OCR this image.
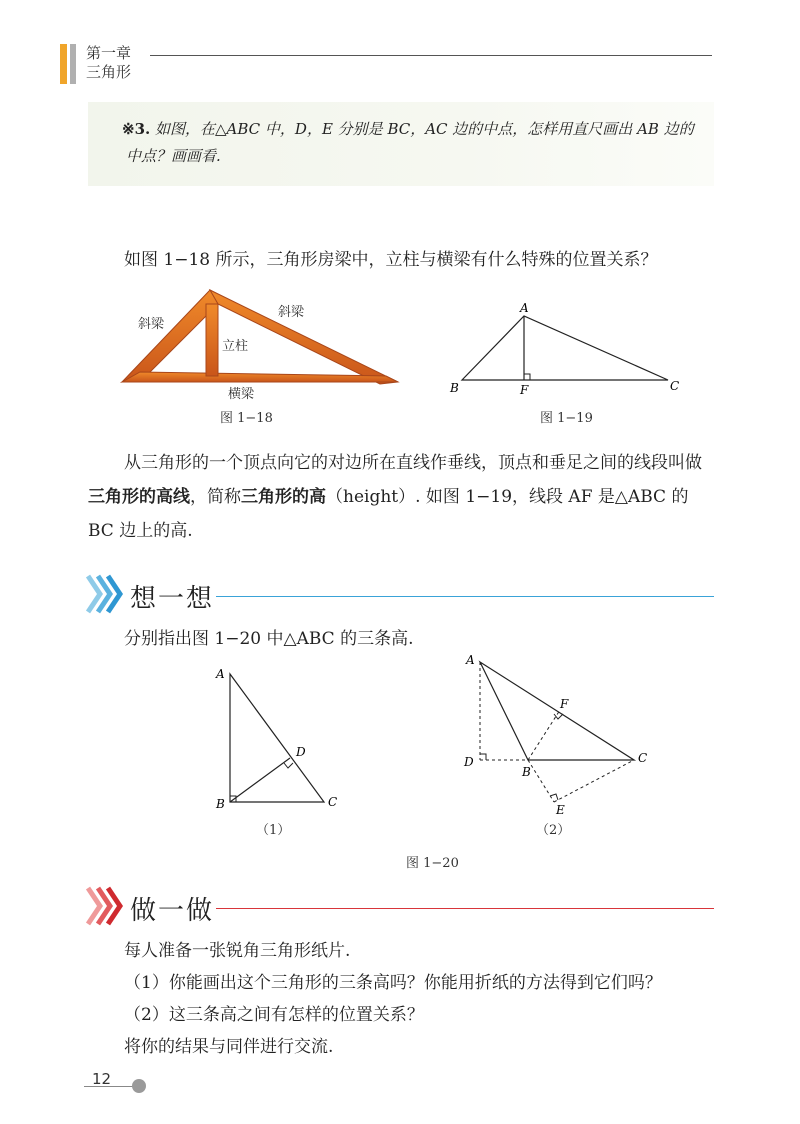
第一章
三角形
※3. 如图，在△ABC 中，D，E 分别是 BC，AC 边的中点，怎样用直尺画出 AB 边的
中点？画画看.
如图 1−18 所示，三角形房梁中，立柱与横梁有什么特殊的位置关系？
斜梁
斜梁
立柱
横梁
图 1−18
A
B	C
F
图 1−19
从三角形的一个顶点向它的对边所在直线作垂线，顶点和垂足之间的线段叫做三角形的高线，简称三角形的高（height）. 如图 1−19，线段 AF 是△ABC 的 BC 边上的高.
想一想
分别指出图 1−20 中△ABC 的三条高.
A
B	C
D
（1）
A
B
C
D
E
F
（2）
图 1−20
做一做
每人准备一张锐角三角形纸片.
（1）你能画出这个三角形的三条高吗？你能用折纸的方法得到它们吗？
（2）这三条高之间有怎样的位置关系？
将你的结果与同伴进行交流.
12
